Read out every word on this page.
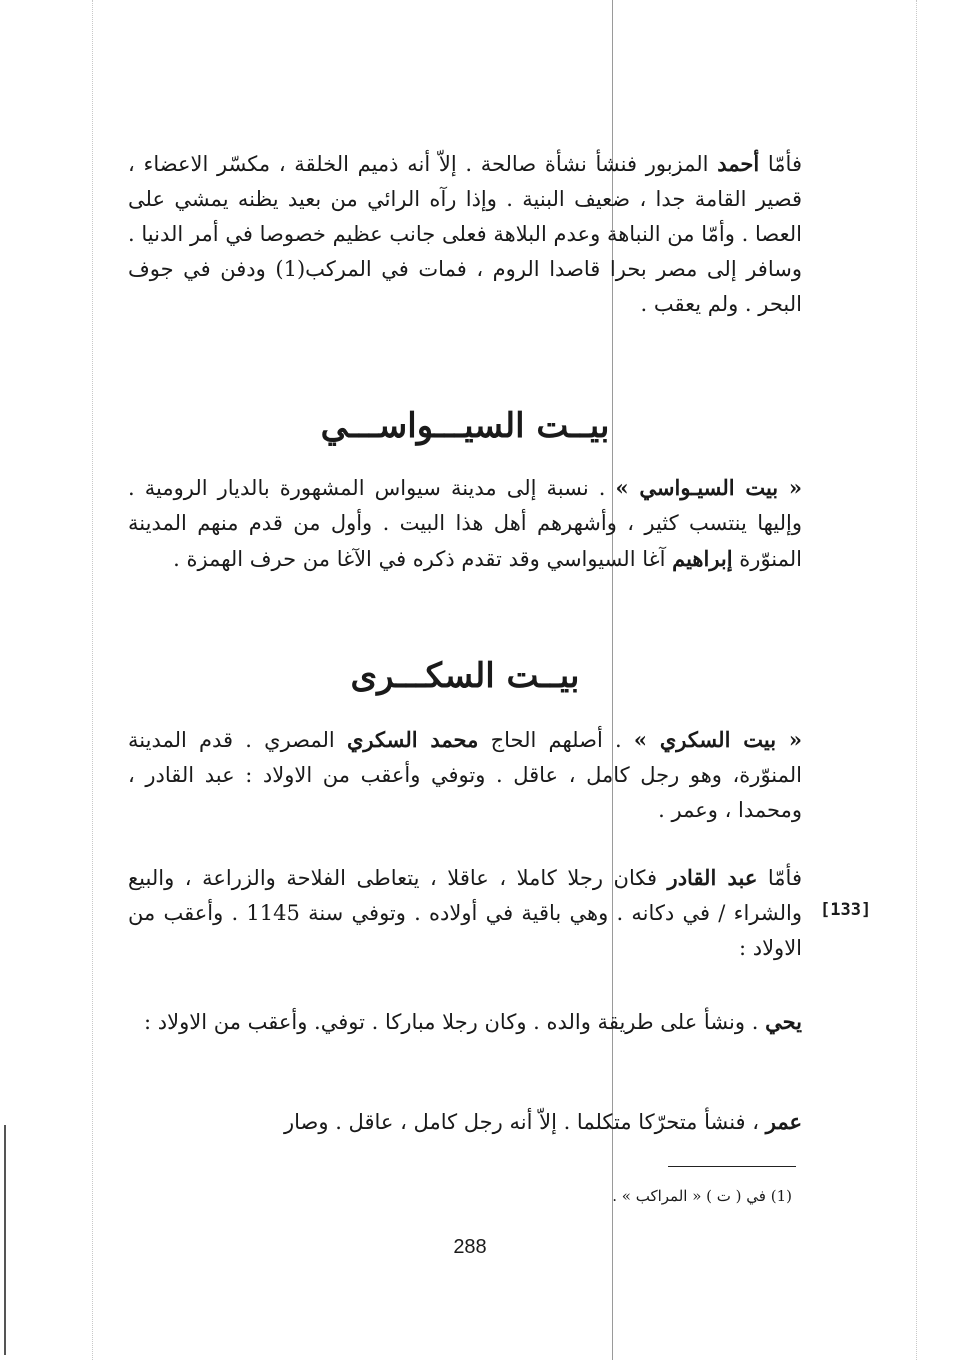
فأمّا أحمد المزبور فنشأ نشأة صالحة . إلاّ أنه ذميم الخلقة ، مكسّر الاعضاء ، قصير القامة جدا ، ضعيف البنية . وإذا رآه الرائي من بعيد يظنه يمشي على العصا . وأمّا من النباهة وعدم البلاهة فعلى جانب عظيم خصوصا في أمر الدنيا . وسافر إلى مصر بحرا قاصدا الروم ، فمات في المركب(1) ودفن في جوف البحر . ولم يعقب .

بيــت السيـــواســـي

« بيت السيـواسي » . نسبة إلى مدينة سيواس المشهورة بالديار الرومية . وإليها ينتسب كثير ، وأشهرهم أهل هذا البيت . وأول من قدم منهم المدينة المنوّرة إبراهيم آغا السيواسي وقد تقدم ذكره في الآغا من حرف الهمزة .

بيــت السكـــرى

« بيت السكري » . أصلهم الحاج محمد السكري المصري . قدم المدينة المنوّرة، وهو رجل كامل ، عاقل . وتوفي وأعقب من الاولاد : عبد القادر ، ومحمدا ، وعمر .

فأمّا عبد القادر فكان رجلا كاملا ، عاقلا ، يتعاطى الفلاحة والزراعة ، والبيع والشراء / في دكانه . وهي باقية في أولاده . وتوفي سنة 1145 . وأعقب من الاولاد :

[133]

يحي . ونشأ على طريقة والده . وكان رجلا مباركا . توفي. وأعقب من الاولاد :

عمر ، فنشأ متحرّكا متكلما . إلاّ أنه رجل كامل ، عاقل . وصار

(1) في ( ت ) « المراكب » .
288
